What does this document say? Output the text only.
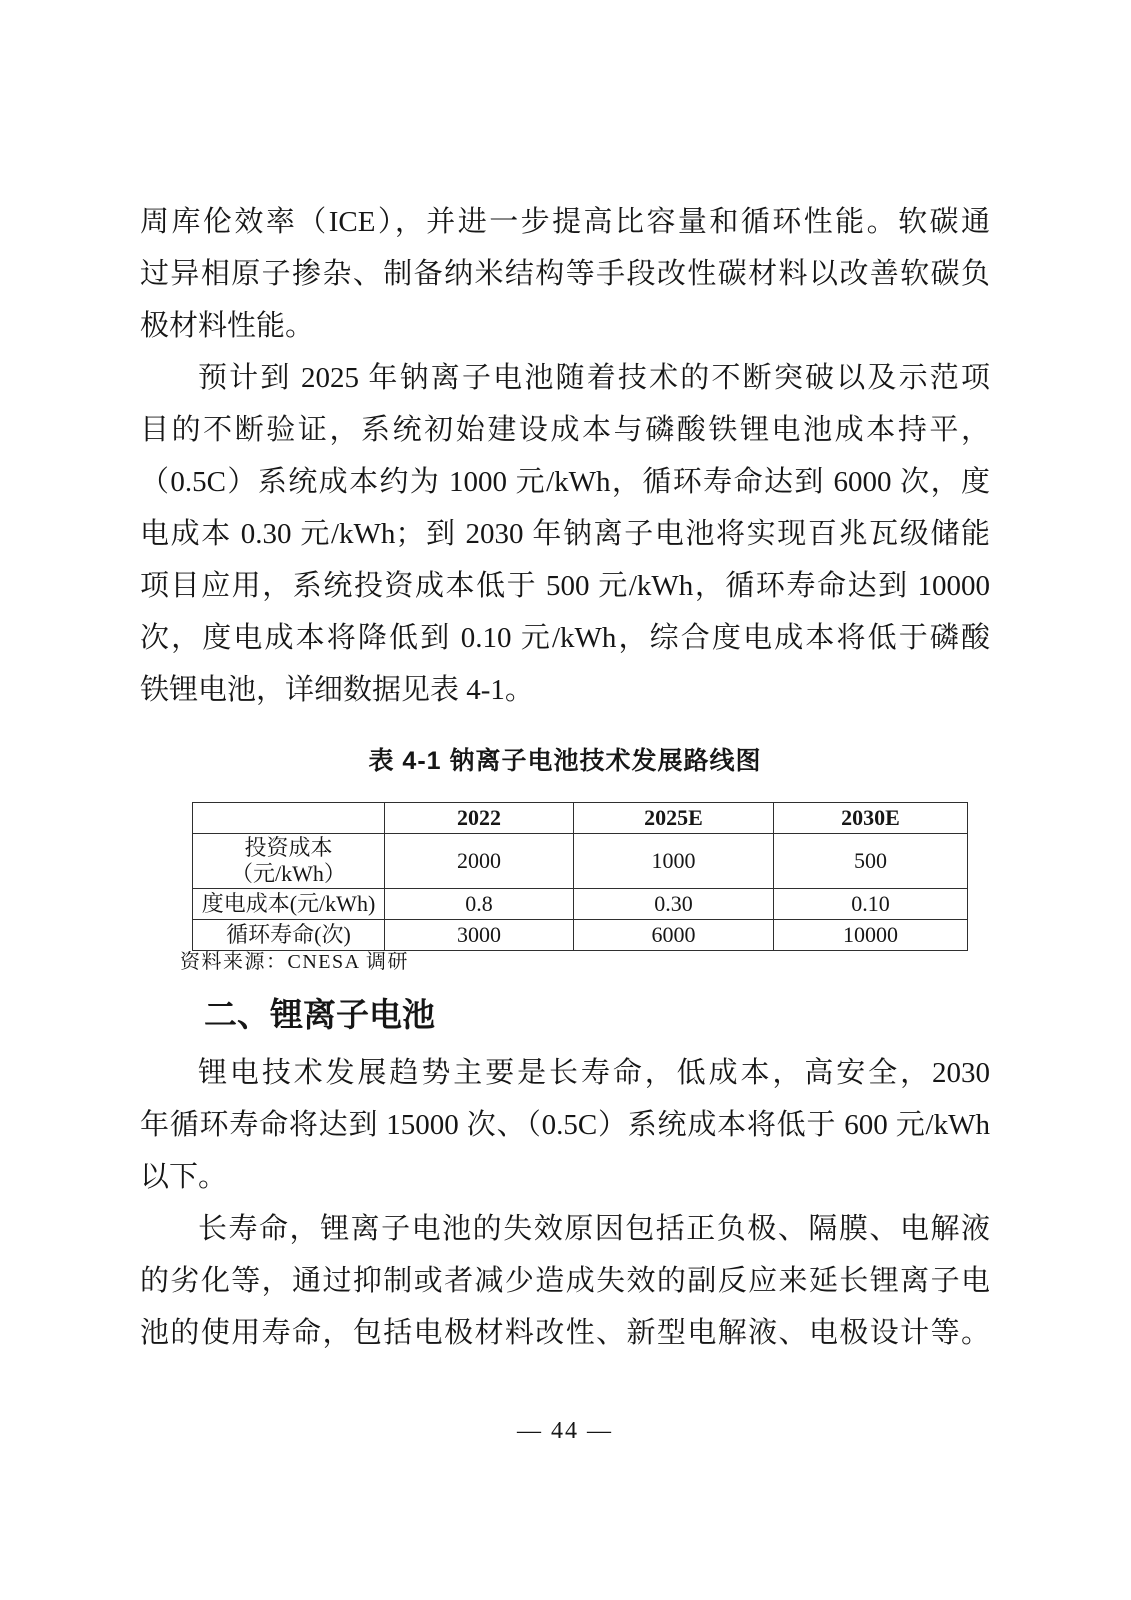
周库伦效率（ICE），并进一步提高比容量和循环性能。软碳通
过异相原子掺杂、制备纳米结构等手段改性碳材料以改善软碳负
极材料性能。
预计到 2025 年钠离子电池随着技术的不断突破以及示范项
目的不断验证，系统初始建设成本与磷酸铁锂电池成本持平，
（0.5C）系统成本约为 1000 元/kWh，循环寿命达到 6000 次，度
电成本 0.30 元/kWh；到 2030 年钠离子电池将实现百兆瓦级储能
项目应用，系统投资成本低于 500 元/kWh，循环寿命达到 10000
次，度电成本将降低到 0.10 元/kWh，综合度电成本将低于磷酸
铁锂电池，详细数据见表 4-1。
表 4-1 钠离子电池技术发展路线图
	2022	2025E	2030E
投资成本（元/kWh）	2000	1000	500
度电成本(元/kWh)	0.8	0.30	0.10
循环寿命(次)	3000	6000	10000
资料来源：CNESA 调研
二、锂离子电池
锂电技术发展趋势主要是长寿命，低成本，高安全，2030
年循环寿命将达到 15000 次、（0.5C）系统成本将低于 600 元/kWh
以下。
长寿命，锂离子电池的失效原因包括正负极、隔膜、电解液
的劣化等，通过抑制或者减少造成失效的副反应来延长锂离子电
池的使用寿命，包括电极材料改性、新型电解液、电极设计等。
— 44 —
